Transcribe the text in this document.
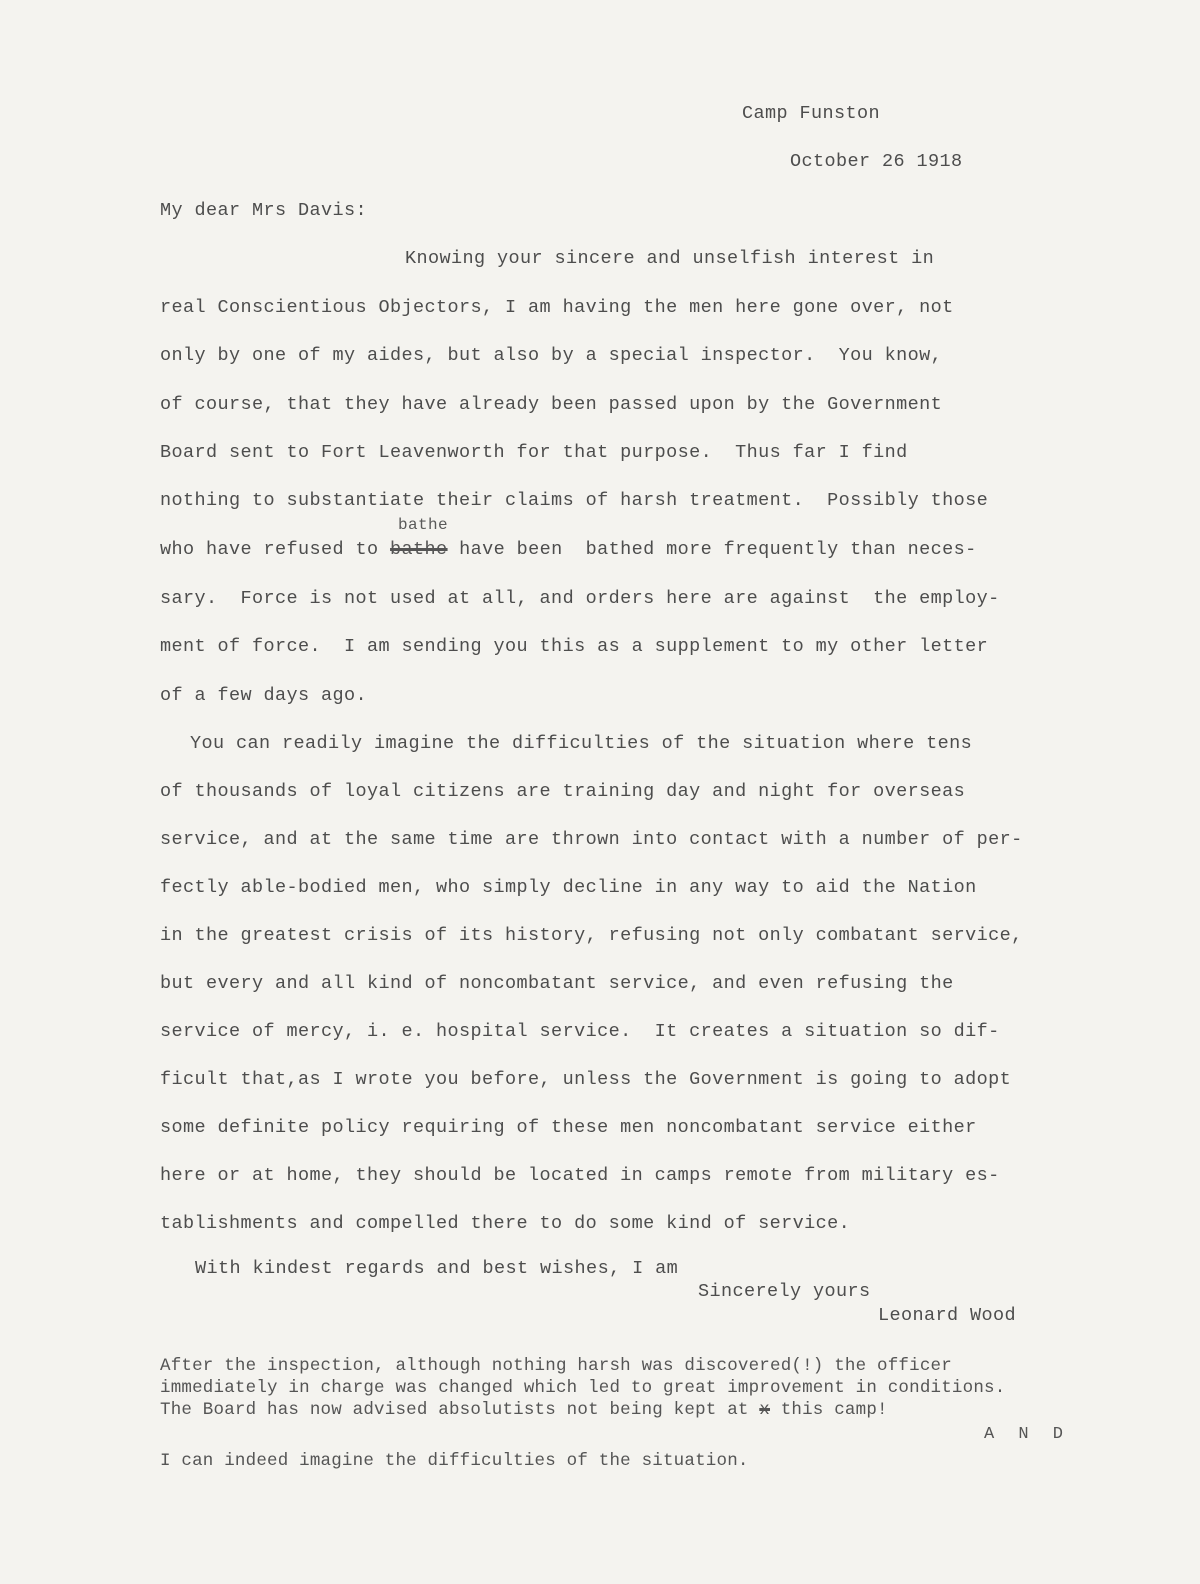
Camp Funston

October 26 1918

My dear Mrs Davis:

Knowing your sincere and unselfish interest in

real Conscientious Objectors, I am having the men here gone over, not

only by one of my aides, but also by a special inspector.  You know,

of course, that they have already been passed upon by the Government

Board sent to Fort Leavenworth for that purpose.  Thus far I find

nothing to substantiate their claims of harsh treatment.  Possibly those

bathe

who have refused to bathe have been  bathed more frequently than neces-

sary.  Force is not used at all, and orders here are against  the employ-

ment of force.  I am sending you this as a supplement to my other letter

of a few days ago.

You can readily imagine the difficulties of the situation where tens

of thousands of loyal citizens are training day and night for overseas

service, and at the same time are thrown into contact with a number of per-

fectly able-bodied men, who simply decline in any way to aid the Nation

in the greatest crisis of its history, refusing not only combatant service,

but every and all kind of noncombatant service, and even refusing the

service of mercy, i. e. hospital service.  It creates a situation so dif-

ficult that,as I wrote you before, unless the Government is going to adopt

some definite policy requiring of these men noncombatant service either

here or at home, they should be located in camps remote from military es-

tablishments and compelled there to do some kind of service.

With kindest regards and best wishes, I am

Sincerely yours

Leonard Wood

After the inspection, although nothing harsh was discovered(!) the officer

immediately in charge was changed which led to great improvement in conditions.

The Board has now advised absolutists not being kept at x this camp!

A N D

I can indeed imagine the difficulties of the situation.
